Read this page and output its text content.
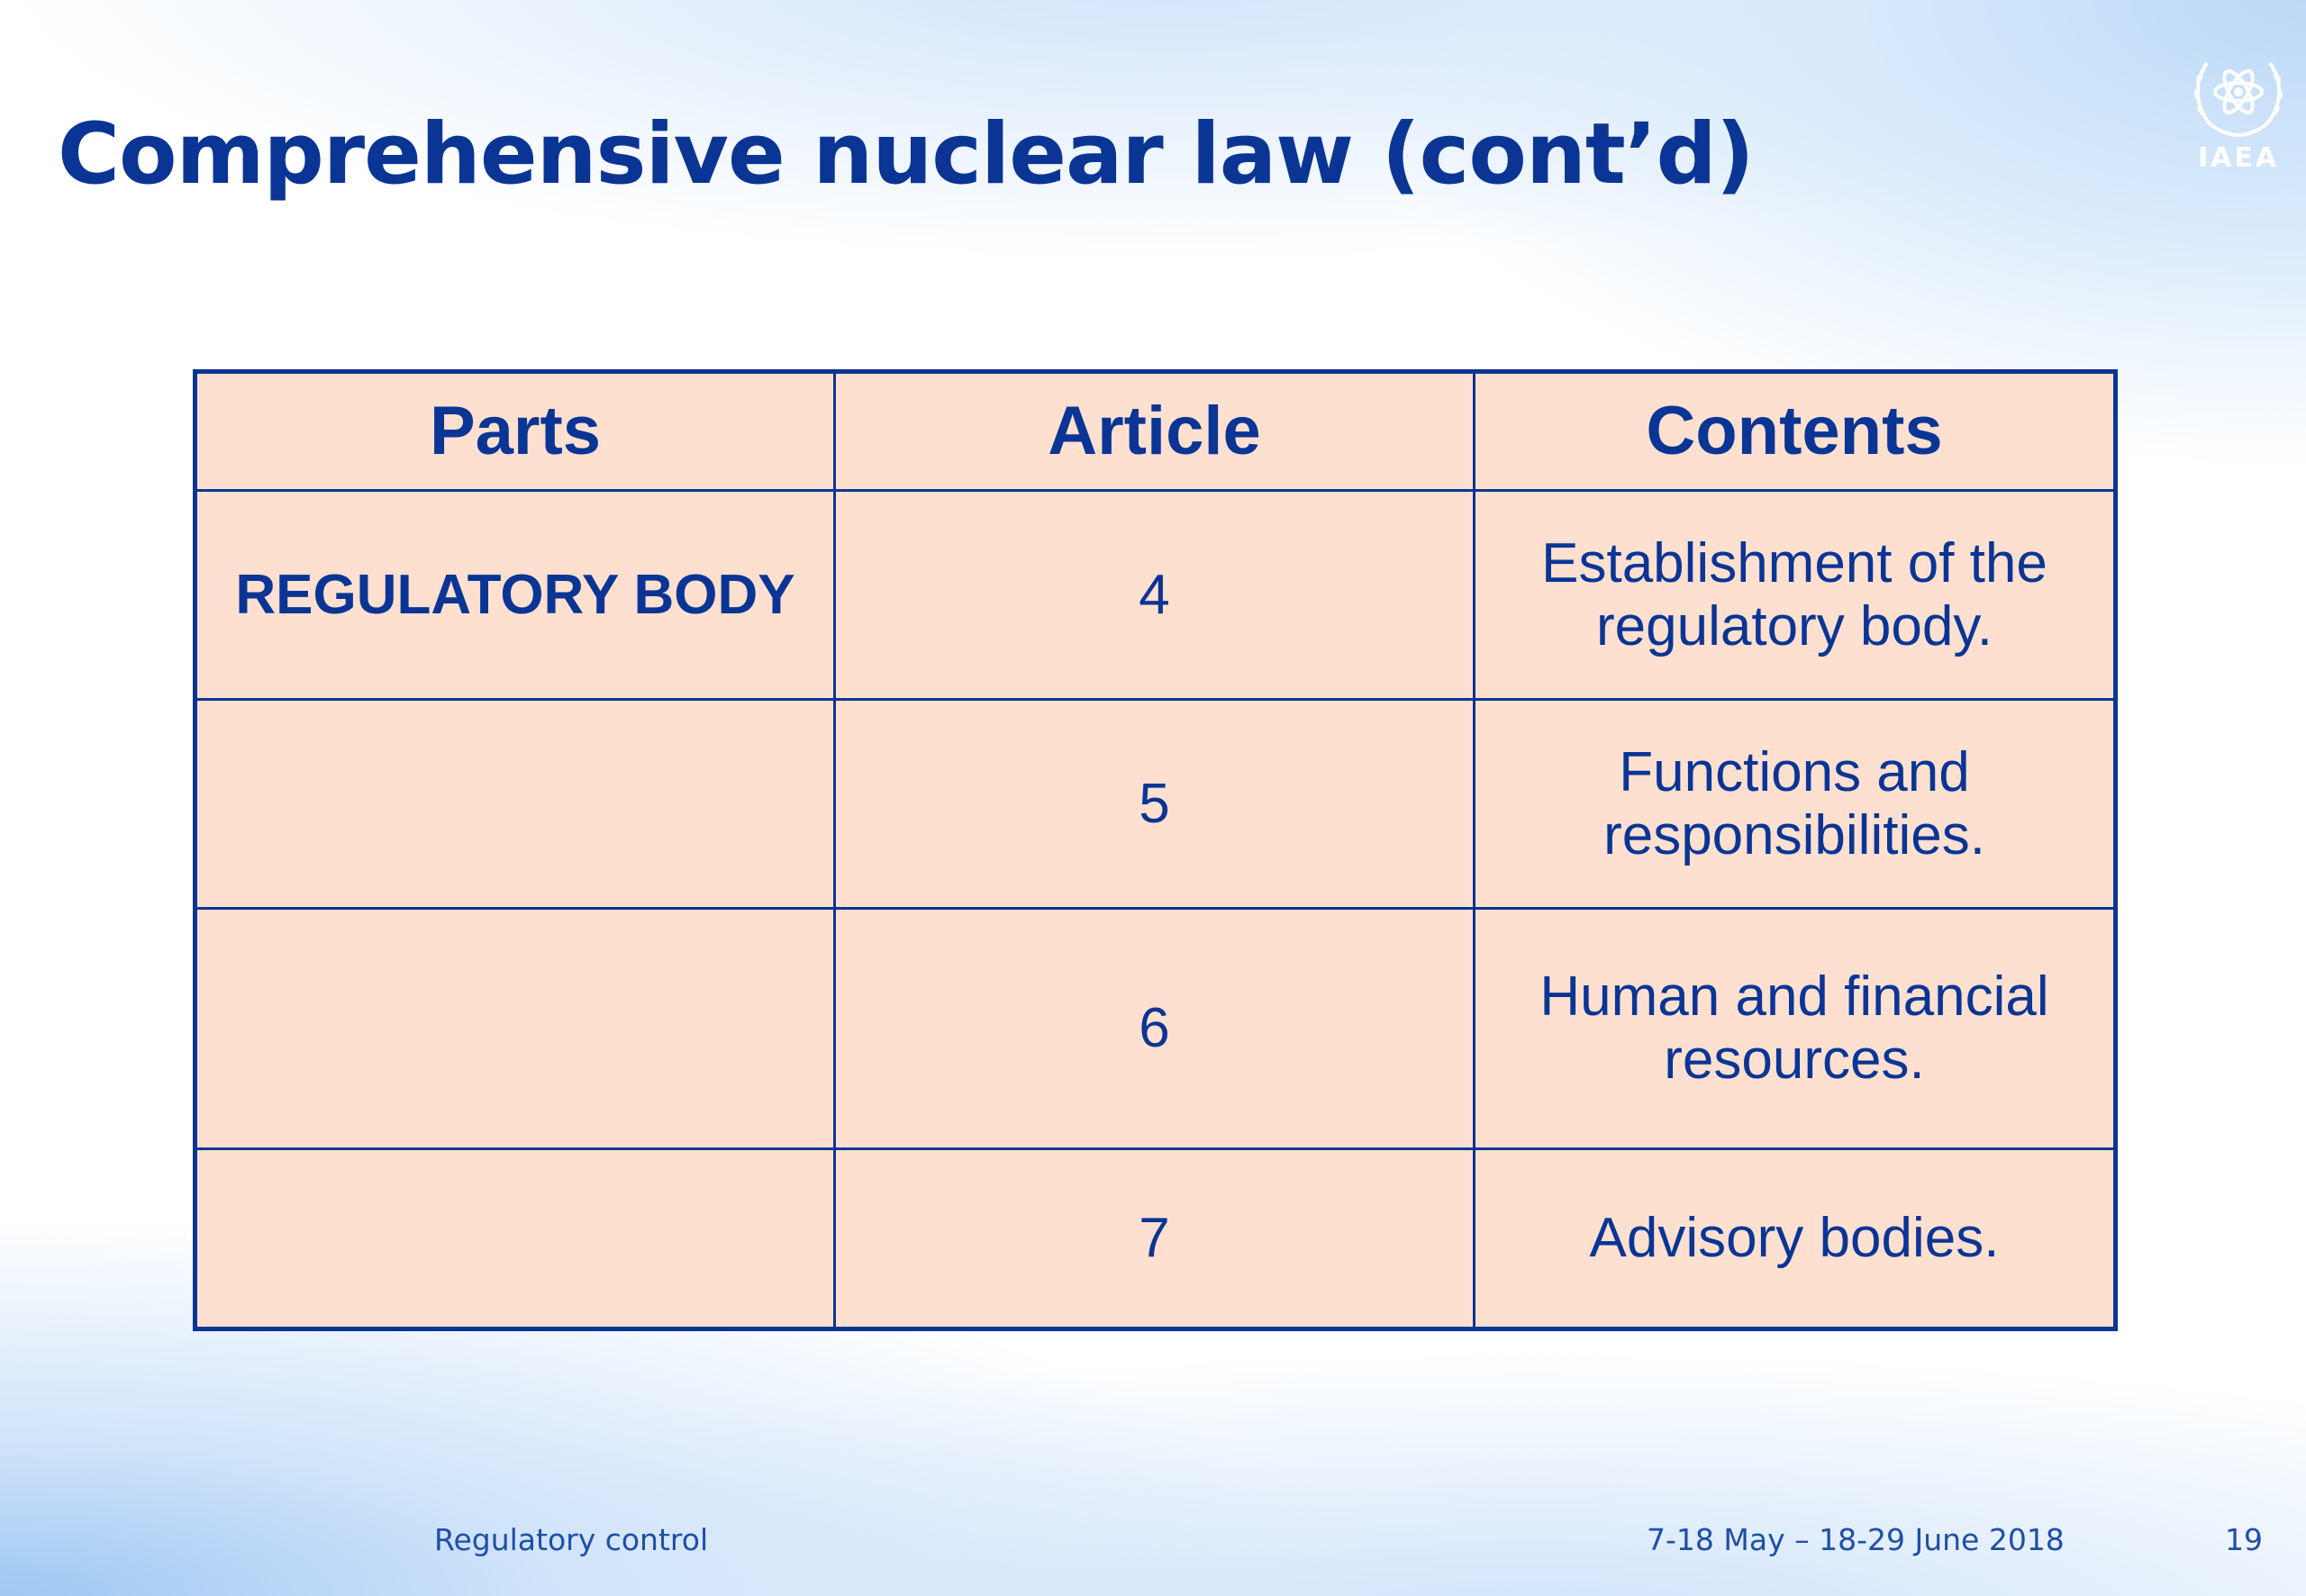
Comprehensive nuclear law (cont’d)	IAEA
Parts	Article	Contents
REGULATORY BODY	4	Establishment of the
regulatory body.

	5	Functions and
responsibilities.

	6	Human and financial
resources.

	7	Advisory bodies.
Regulatory control	7-18 May – 18-29 June 2018	19
